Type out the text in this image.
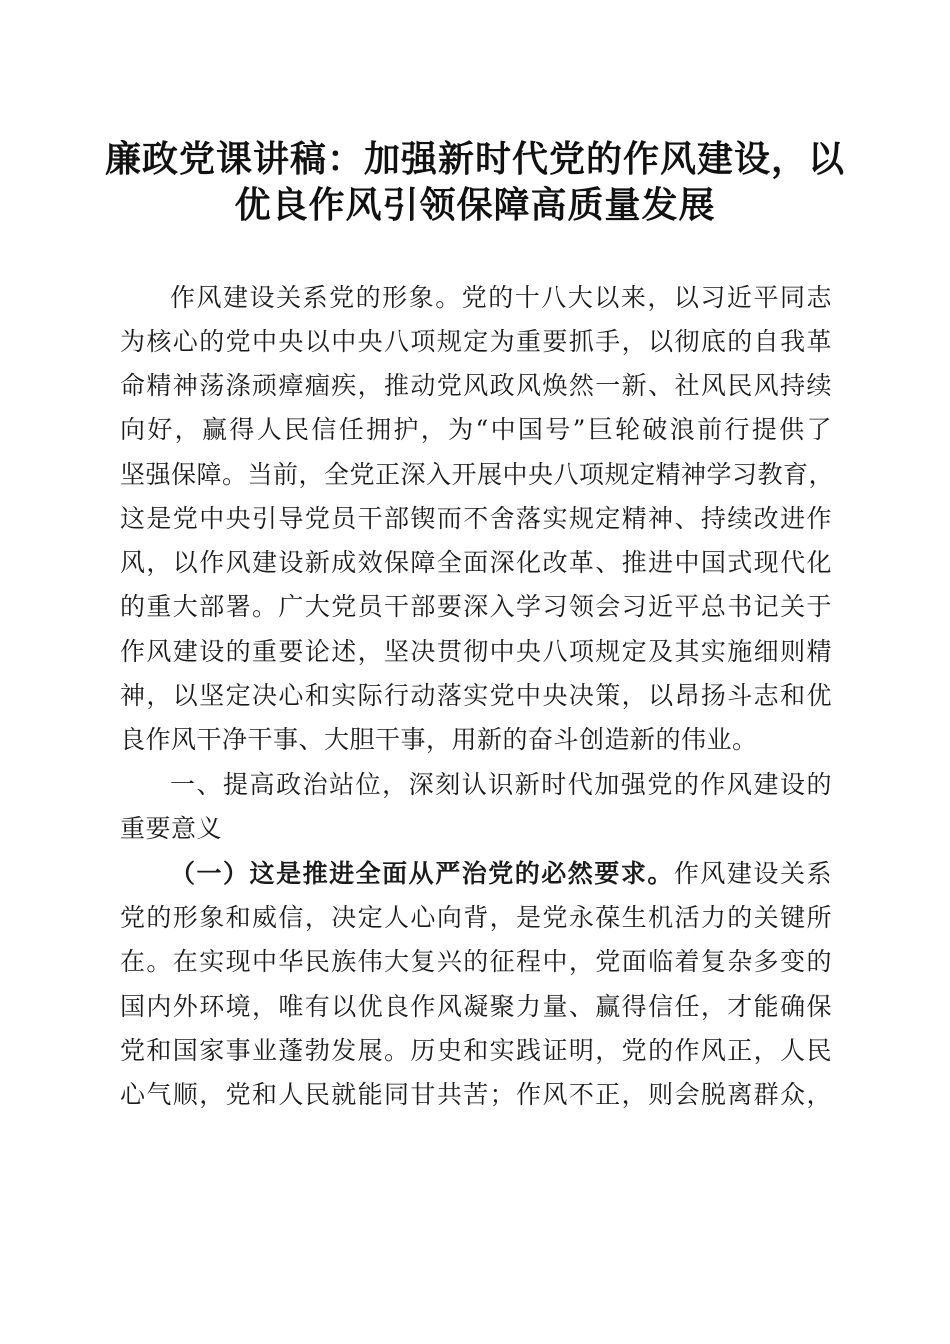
廉政党课讲稿：加强新时代党的作风建设，以
优良作风引领保障高质量发展
作风建设关系党的形象。党的十八大以来，以习近平同志
为核心的党中央以中央八项规定为重要抓手，以彻底的自我革
命精神荡涤顽瘴痼疾，推动党风政风焕然一新、社风民风持续
向好，赢得人民信任拥护，为“中国号”巨轮破浪前行提供了
坚强保障。当前，全党正深入开展中央八项规定精神学习教育，
这是党中央引导党员干部锲而不舍落实规定精神、持续改进作
风，以作风建设新成效保障全面深化改革、推进中国式现代化
的重大部署。广大党员干部要深入学习领会习近平总书记关于
作风建设的重要论述，坚决贯彻中央八项规定及其实施细则精
神，以坚定决心和实际行动落实党中央决策，以昂扬斗志和优
良作风干净干事、大胆干事，用新的奋斗创造新的伟业。
一、提高政治站位，深刻认识新时代加强党的作风建设的
重要意义
（一）这是推进全面从严治党的必然要求。作风建设关系
党的形象和威信，决定人心向背，是党永葆生机活力的关键所
在。在实现中华民族伟大复兴的征程中，党面临着复杂多变的
国内外环境，唯有以优良作风凝聚力量、赢得信任，才能确保
党和国家事业蓬勃发展。历史和实践证明，党的作风正，人民
心气顺，党和人民就能同甘共苦；作风不正，则会脱离群众，
